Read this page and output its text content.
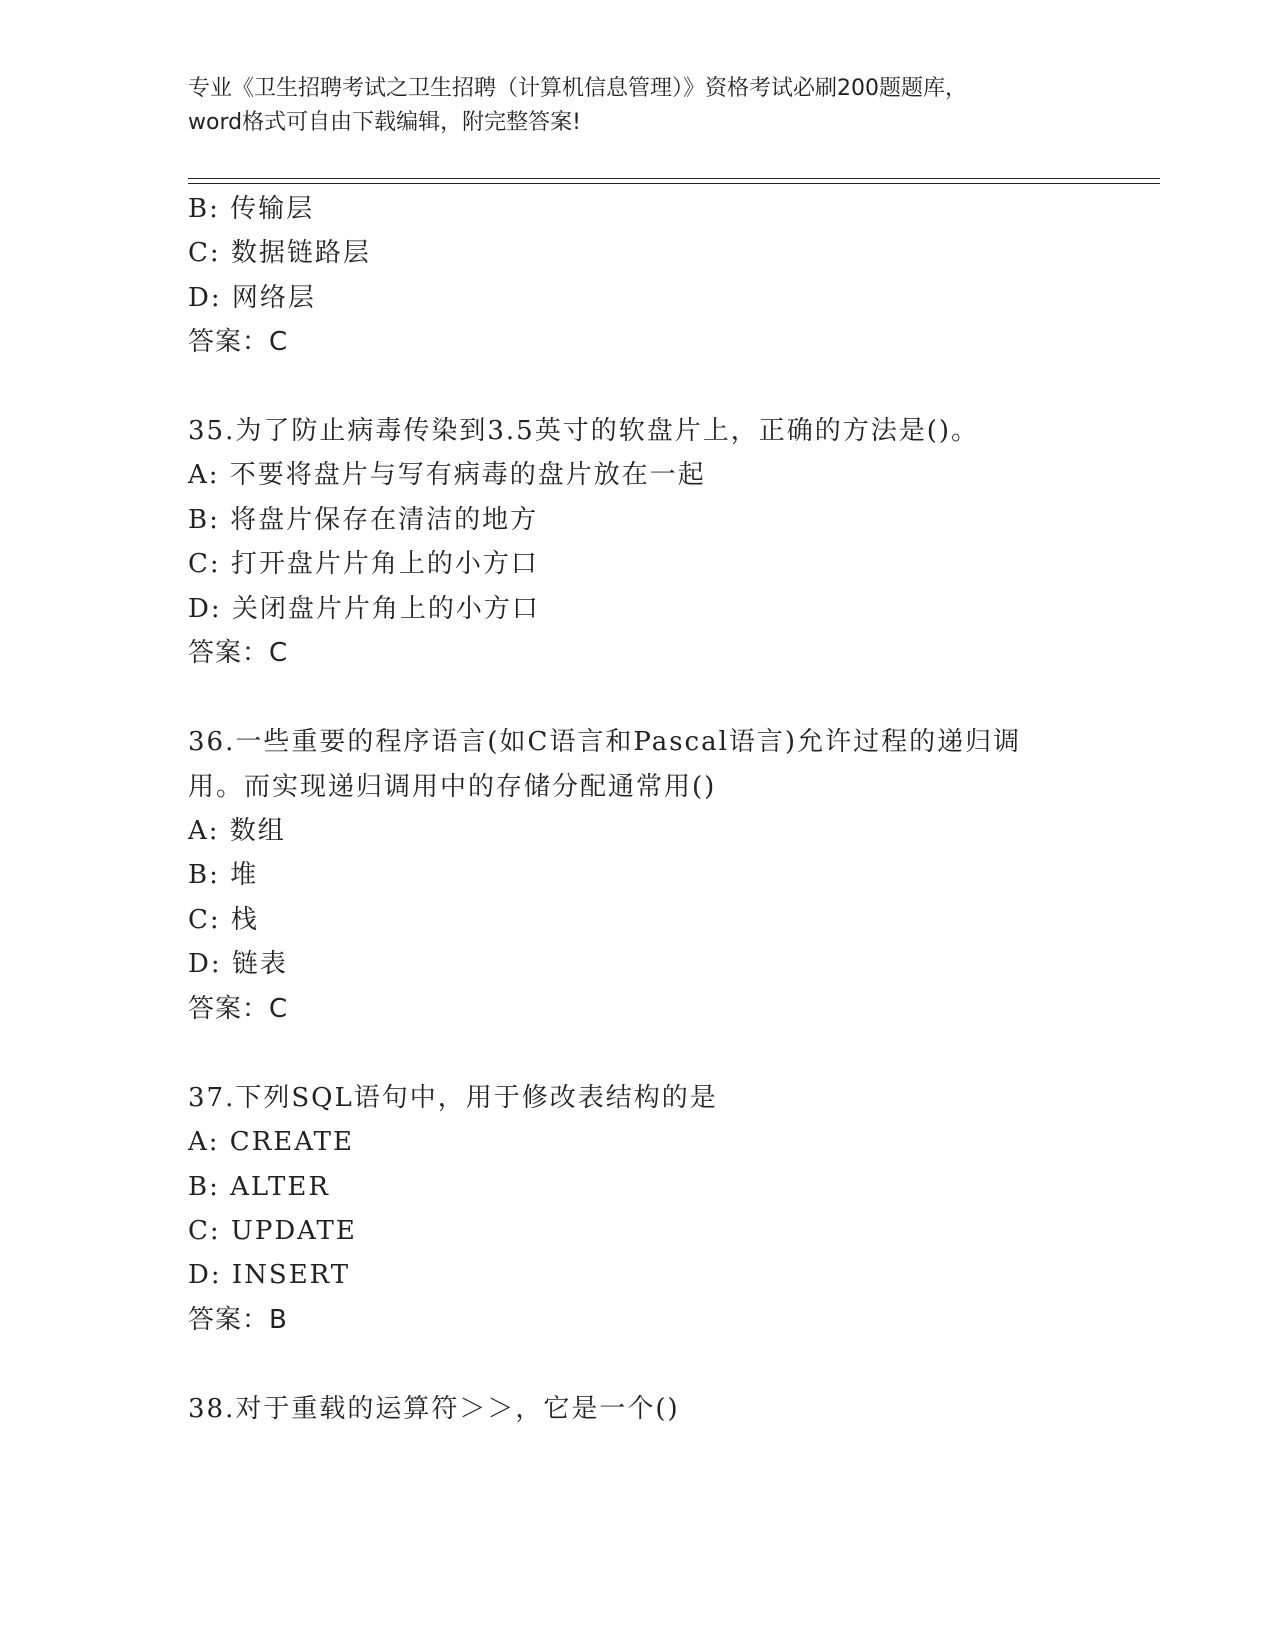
专业《卫生招聘考试之卫生招聘（计算机信息管理）》资格考试必刷200题题库，
word格式可自由下载编辑，附完整答案!
B: 传输层
C: 数据链路层
D: 网络层
答案：C
35.为了防止病毒传染到3.5英寸的软盘片上，正确的方法是()。
A: 不要将盘片与写有病毒的盘片放在一起
B: 将盘片保存在清洁的地方
C: 打开盘片片角上的小方口
D: 关闭盘片片角上的小方口
答案：C
36.一些重要的程序语言(如C语言和Pascal语言)允许过程的递归调
用。而实现递归调用中的存储分配通常用()
A: 数组
B: 堆
C: 栈
D: 链表
答案：C
37.下列SQL语句中，用于修改表结构的是
A: CREATE
B: ALTER
C: UPDATE
D: INSERT
答案：B
38.对于重载的运算符＞＞，它是一个()
